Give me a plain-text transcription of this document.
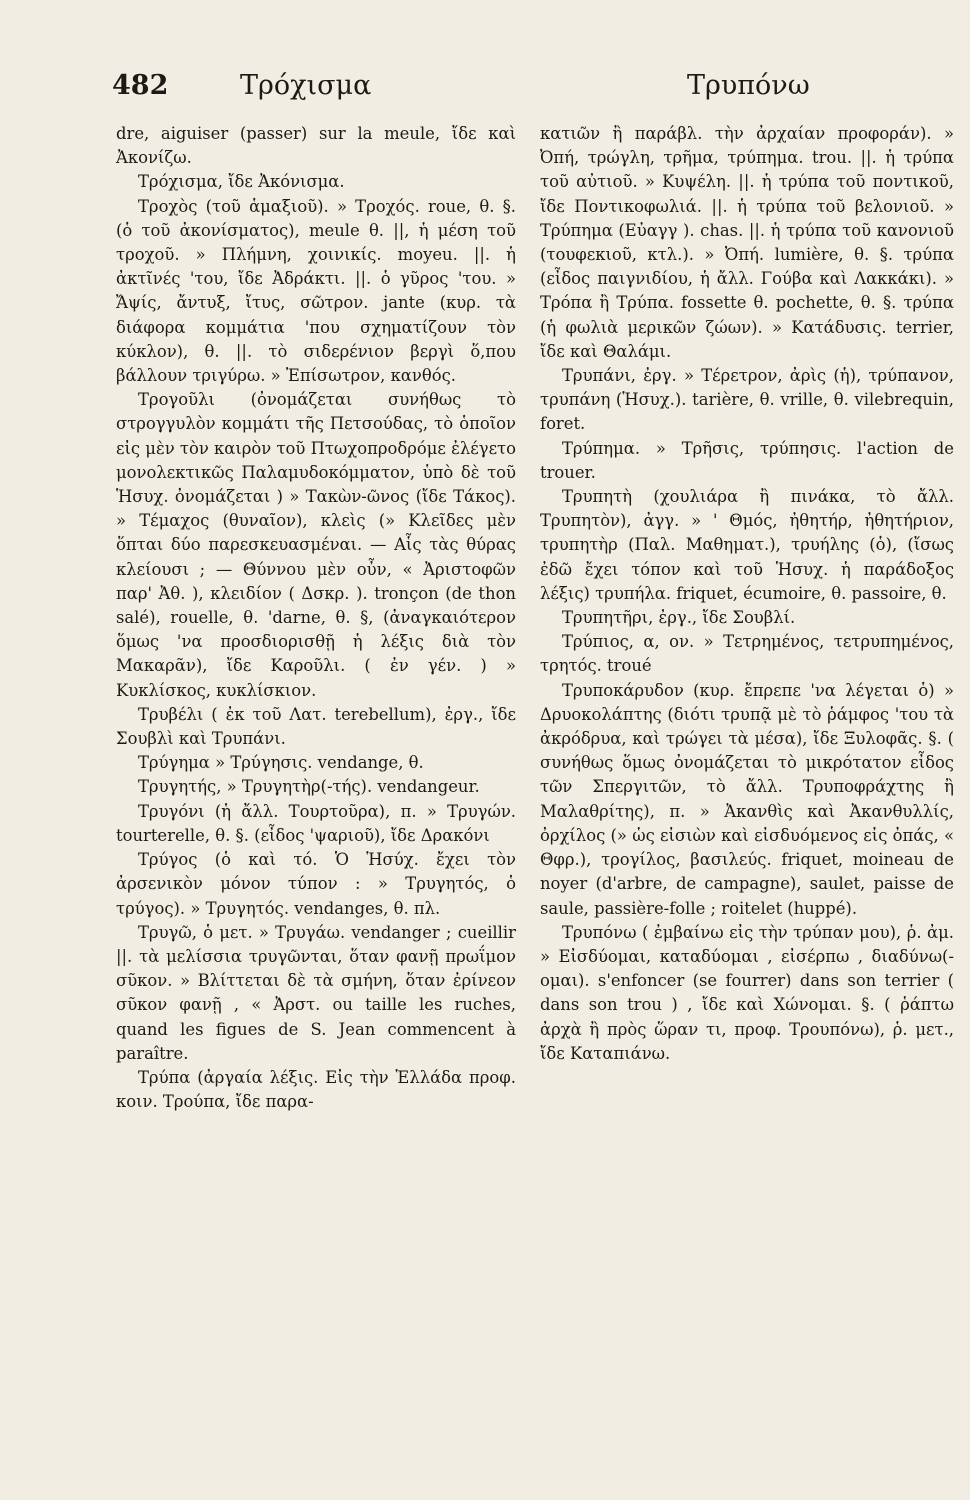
482	Τρόχισμα	Τρυπόνω

dre, aiguiser (passer) sur la meule, ἴδε καὶ Ἀκονίζω.

Τρόχισμα, ἴδε Ἀκόνισμα.

Τροχὸς (τοῦ ἁμαξιοῦ). » Τροχός. roue, θ. §. (ὁ τοῦ ἀκονίσματος), meule θ. ||, ἡ μέση τοῦ τροχοῦ. » Πλήμνη, χοινικίς. moyeu. ||. ἡ ἀκτῖνές 'του, ἴδε Ἀδράκτι. ||. ὁ γῦρος 'του. » Ἄψίς, ἄντυξ, ἴτυς, σῶτρον. jante (κυρ. τὰ διάφορα κομμάτια 'που σχηματίζουν τὸν κύκλον), θ. ||. τὸ σιδερένιον βεργὶ ὅ,που βάλλουν τριγύρω. » Ἐπίσωτρον, κανθός.

Τρογοῦλι (ὀνομάζεται συνήθως τὸ στρογγυλὸν κομμάτι τῆς Πετσούδας, τὸ ὁποῖον εἰς μὲν τὸν καιρὸν τοῦ Πτωχοπροδρόμε ἐλέγετο μονολεκτικῶς Παλαμυδοκόμματον, ὑπὸ δὲ τοῦ Ἡσυχ. ὀνομάζεται ) » Τακὼν-ῶνος (ἴδε Τάκος). » Τέμαχος (θυναῖον), κλεὶς (» Κλεῖδες μὲν ὅπται δύο παρεσκευασμέναι. — Αἷς τὰς θύρας κλείουσι ; — Θύννου μὲν οὖν, « Ἀριστοφῶν παρ' Ἀθ. ), κλειδίον ( Δσκρ. ). tronçon (de thon salé), rouelle, θ. 'darne, θ. §, (ἀναγκαιότερον ὅμως 'να προσδιορισθῇ ἡ λέξις διὰ τὸν Μακαρᾶν), ἴδε Καροῦλι. ( ἐν γέν. ) » Κυκλίσκος, κυκλίσκιον.

Τρυβέλι ( ἐκ τοῦ Λατ. terebellum), ἐργ., ἴδε Σουβλὶ καὶ Τρυπάνι.

Τρύγημα » Τρύγησις. vendange, θ.

Τρυγητής, » Τρυγητὴρ(-τής). vendangeur.

Τρυγόνι (ἡ ἄλλ. Τουρτοῦρα), π. » Τρυγών. tourterelle, θ. §. (εἶδος 'ψαριοῦ), ἴδε Δρακόνι

Τρύγος (ὁ καὶ τό. Ὁ Ἡσύχ. ἔχει τὸν ἀρσενικὸν μόνον τύπον : » Τρυγητός, ὁ τρύγος). » Τρυγητός. vendanges, θ. πλ.

Τρυγῶ, ὁ μετ. » Τρυγάω. vendanger ; cueillir ||. τὰ μελίσσια τρυγῶνται, ὅταν φανῇ πρωΐμον σῦκον. » Βλίττεται δὲ τὰ σμήνη, ὅταν ἐρίνεον σῦκον φανῇ , « Ἀρστ. ou taille les ruches, quand les figues de S. Jean commencent à paraître.

Τρύπα (ἀργαία λέξις. Εἰς τὴν Ἑλλάδα προφ. κοιν. Τρούπα, ἴδε παρα-

κατιῶν ἢ παράβλ. τὴν ἀρχαίαν προφοράν). » Ὀπή, τρώγλη, τρῆμα, τρύπημα. trou. ||. ἡ τρύπα τοῦ αὐτιοῦ. » Κυψέλη. ||. ἡ τρύπα τοῦ ποντικοῦ, ἴδε Ποντικοφωλιά. ||. ἡ τρύπα τοῦ βελονιοῦ. » Τρύπημα (Εὐαγγ ). chas. ||. ἡ τρύπα τοῦ κανονιοῦ (τουφεκιοῦ, κτλ.). » Ὀπή. lumière, θ. §. τρύπα (εἶδος παιγνιδίου, ἡ ἄλλ. Γούβα καὶ Λακκάκι). » Τρόπα ἢ Τρύπα. fossette θ. pochette, θ. §. τρύπα (ἡ φωλιὰ μερικῶν ζώων). » Κατάδυσις. terrier, ἴδε καὶ Θαλάμι.

Τρυπάνι, ἐργ. » Τέρετρον, ἀρὶς (ἡ), τρύπανον, τρυπάνη (Ἡσυχ.). tarière, θ. vrille, θ. vilebrequin, foret.

Τρύπημα. » Τρῆσις, τρύπησις. l'action de trouer.

Τρυπητὴ (χουλιάρα ἢ πινάκα, τὸ ἄλλ. Τρυπητὸν), ἀγγ. » ' Θμός, ἠθητήρ, ἠθητήριον, τρυπητὴρ (Παλ. Μαθηματ.), τρυήλης (ὁ), (ἴσως ἐδῶ ἔχει τόπον καὶ τοῦ Ἡσυχ. ἡ παράδοξος λέξις) τρυπήλα. friquet, écumoire, θ. passoire, θ.

Τρυπητῆρι, ἐργ., ἴδε Σουβλί.

Τρύπιος, α, ον. » Τετρημένος, τετρυπημένος, τρητός. troué

Τρυποκάρυδον (κυρ. ἔπρεπε 'να λέγεται ὁ) » Δρυοκολάπτης (διότι τρυπᾷ μὲ τὸ ῥάμφος 'του τὰ ἀκρόδρυα, καὶ τρώγει τὰ μέσα), ἴδε Ξυλοφᾶς. §. ( συνήθως ὅμως ὀνομάζεται τὸ μικρότατον εἶδος τῶν Σπεργιτῶν, τὸ ἄλλ. Τρυποφράχτης ἢ Μαλαθρίτης), π. » Ἀκανθὶς καὶ Ἀκανθυλλίς, ὀρχίλος (» ὡς εἰσιὼν καὶ εἰσδυόμενος εἰς ὀπάς, « Θφρ.), τρογίλος, βασιλεύς. friquet, moineau de noyer (d'arbre, de campagne), saulet, paisse de saule, passière-folle ; roitelet (huppé).

Τρυπόνω ( ἐμβαίνω εἰς τὴν τρύπαν μου), ῥ. ἀμ. » Εἰσδύομαι, καταδύομαι , εἰσέρπω , διαδύνω(-ομαι). s'enfoncer (se fourrer) dans son terrier ( dans son trou ) , ἴδε καὶ Χώνομαι. §. ( ῥάπτω ἀρχὰ ἢ πρὸς ὥραν τι, προφ. Τρουπόνω), ῥ. μετ., ἴδε Καταπιάνω.
